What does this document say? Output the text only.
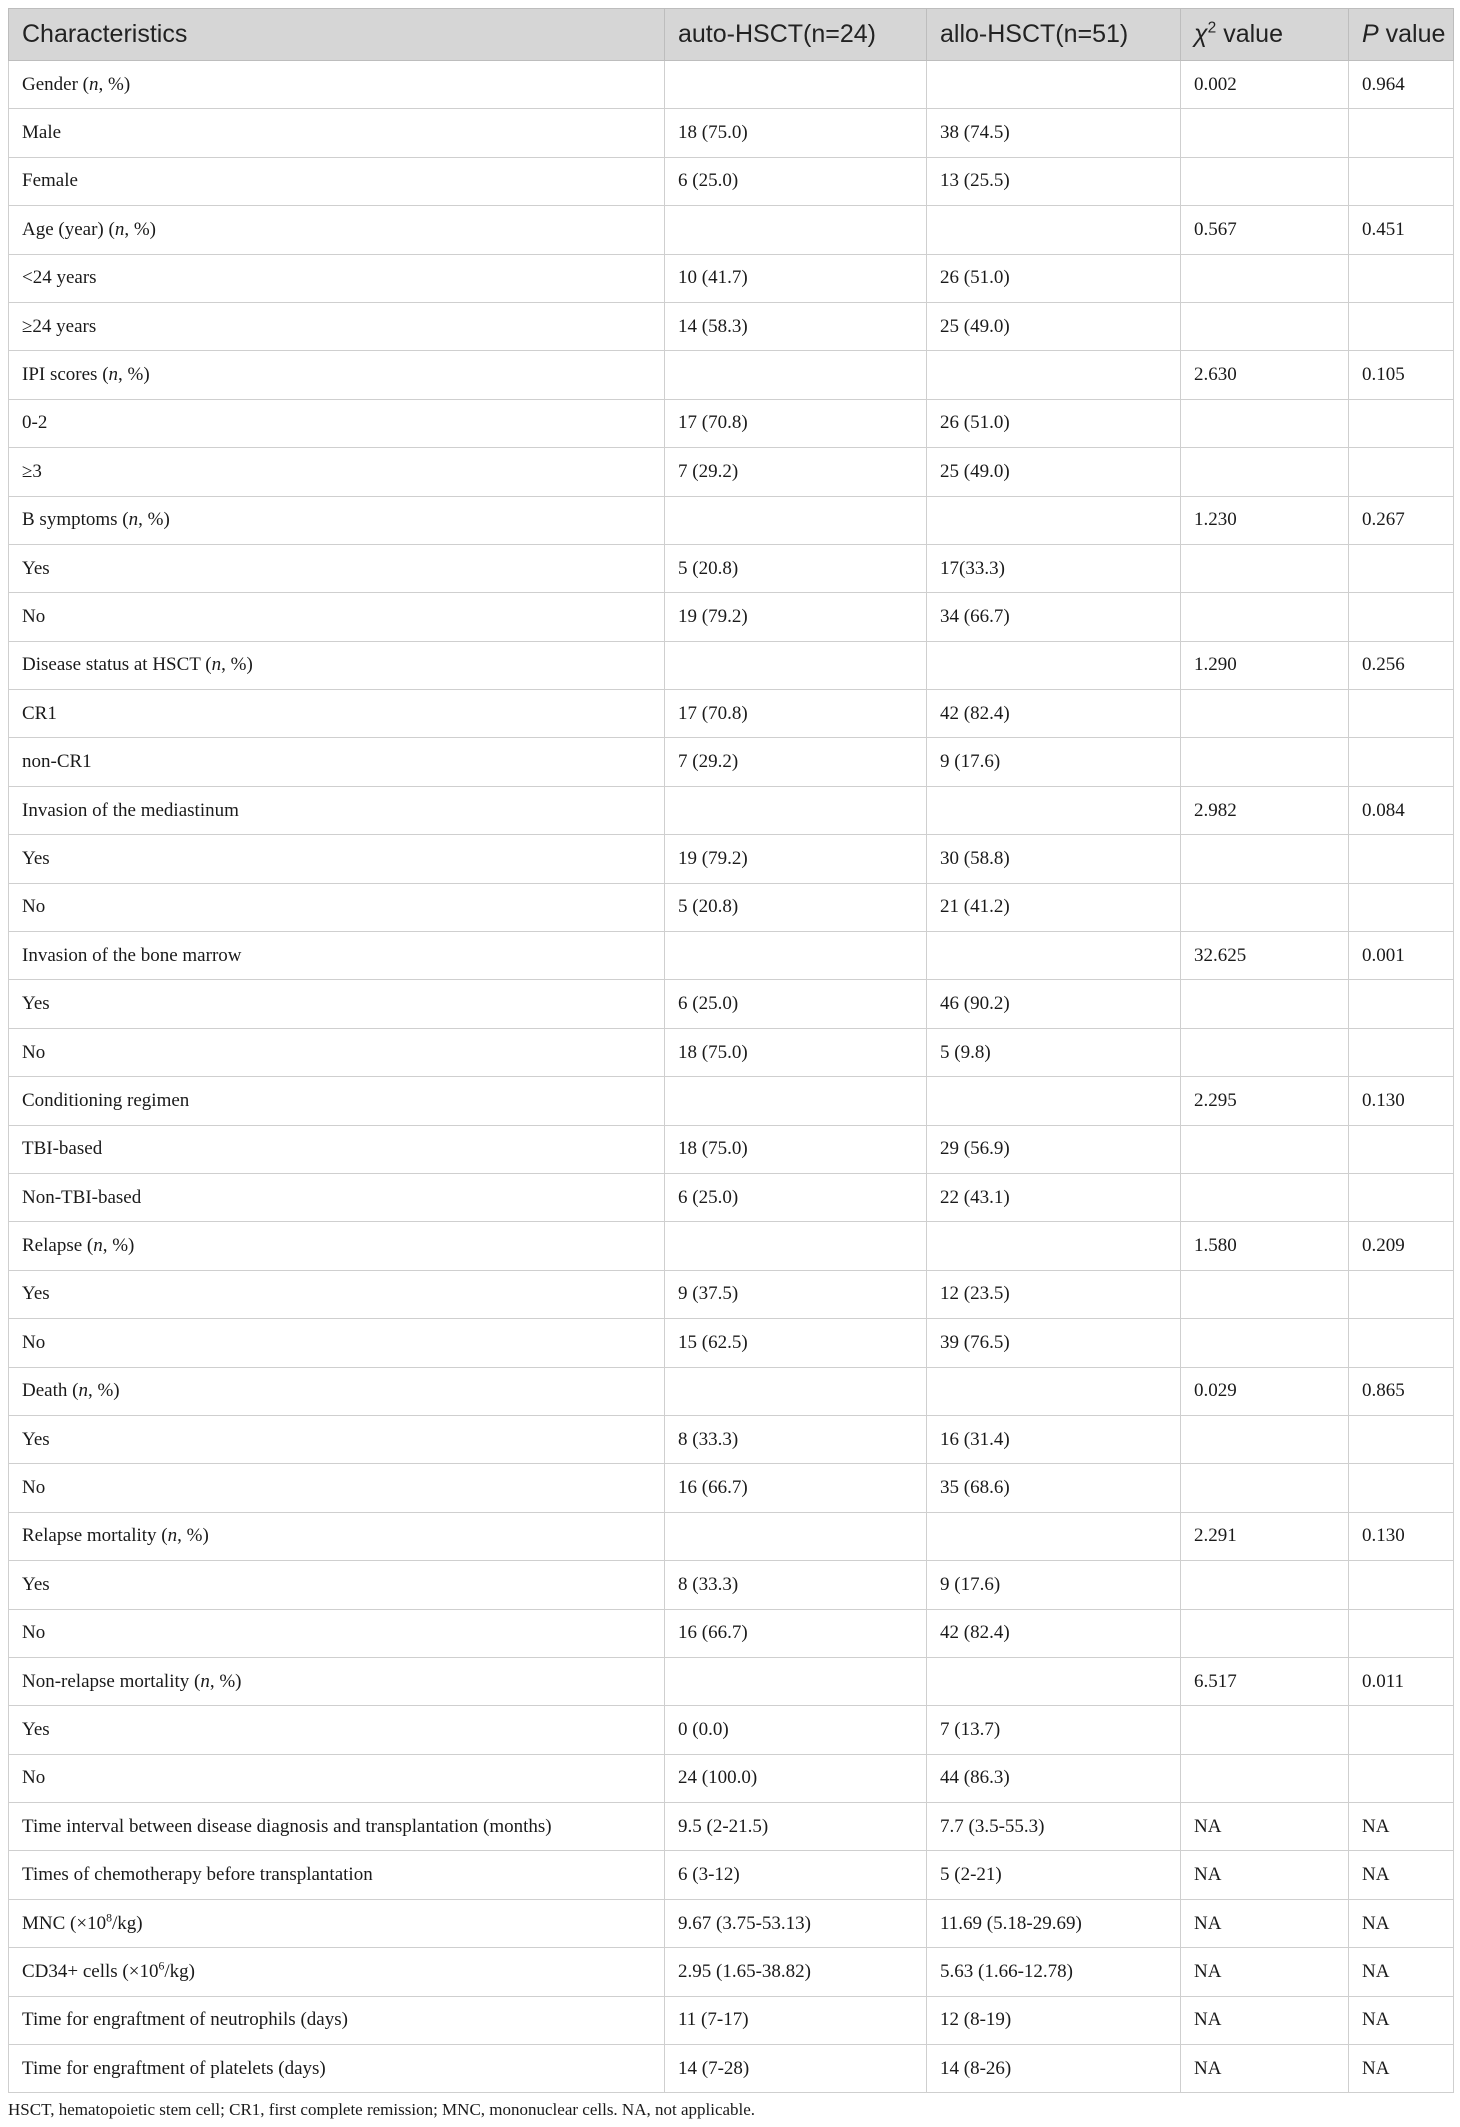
Characteristics	auto-HSCT(n=24)	allo-HSCT(n=51)	$\chi^2$ value	P value
Gender (n, %)			0.002	0.964
Male	18 (75.0)	38 (74.5)		
Female	6 (25.0)	13 (25.5)		
Age (year) (n, %)			0.567	0.451
<24 years	10 (41.7)	26 (51.0)		
≥24 years	14 (58.3)	25 (49.0)		
IPI scores (n, %)			2.630	0.105
0-2	17 (70.8)	26 (51.0)		
≥3	7 (29.2)	25 (49.0)		
B symptoms (n, %)			1.230	0.267
Yes	5 (20.8)	17(33.3)		
No	19 (79.2)	34 (66.7)		
Disease status at HSCT (n, %)			1.290	0.256
CR1	17 (70.8)	42 (82.4)		
non-CR1	7 (29.2)	9 (17.6)		
Invasion of the mediastinum			2.982	0.084
Yes	19 (79.2)	30 (58.8)		
No	5 (20.8)	21 (41.2)		
Invasion of the bone marrow			32.625	0.001
Yes	6 (25.0)	46 (90.2)		
No	18 (75.0)	5 (9.8)		
Conditioning regimen			2.295	0.130
TBI-based	18 (75.0)	29 (56.9)		
Non-TBI-based	6 (25.0)	22 (43.1)		
Relapse (n, %)			1.580	0.209
Yes	9 (37.5)	12 (23.5)		
No	15 (62.5)	39 (76.5)		
Death (n, %)			0.029	0.865
Yes	8 (33.3)	16 (31.4)		
No	16 (66.7)	35 (68.6)		
Relapse mortality (n, %)			2.291	0.130
Yes	8 (33.3)	9 (17.6)		
No	16 (66.7)	42 (82.4)		
Non-relapse mortality (n, %)			6.517	0.011
Yes	0 (0.0)	7 (13.7)		
No	24 (100.0)	44 (86.3)		
Time interval between disease diagnosis and transplantation (months)	9.5 (2-21.5)	7.7 (3.5-55.3)	NA	NA
Times of chemotherapy before transplantation	6 (3-12)	5 (2-21)	NA	NA
MNC $(\times 10^8/kg)$	9.67 (3.75-53.13)	11.69 (5.18-29.69)	NA	NA
CD34+ cells $(\times 10^6/kg)$	2.95 (1.65-38.82)	5.63 (1.66-12.78)	NA	NA
Time for engraftment of neutrophils (days)	11 (7-17)	12 (8-19)	NA	NA
Time for engraftment of platelets (days)	14 (7-28)	14 (8-26)	NA	NA
HSCT, hematopoietic stem cell; CR1, first complete remission; MNC, mononuclear cells. NA, not applicable.
